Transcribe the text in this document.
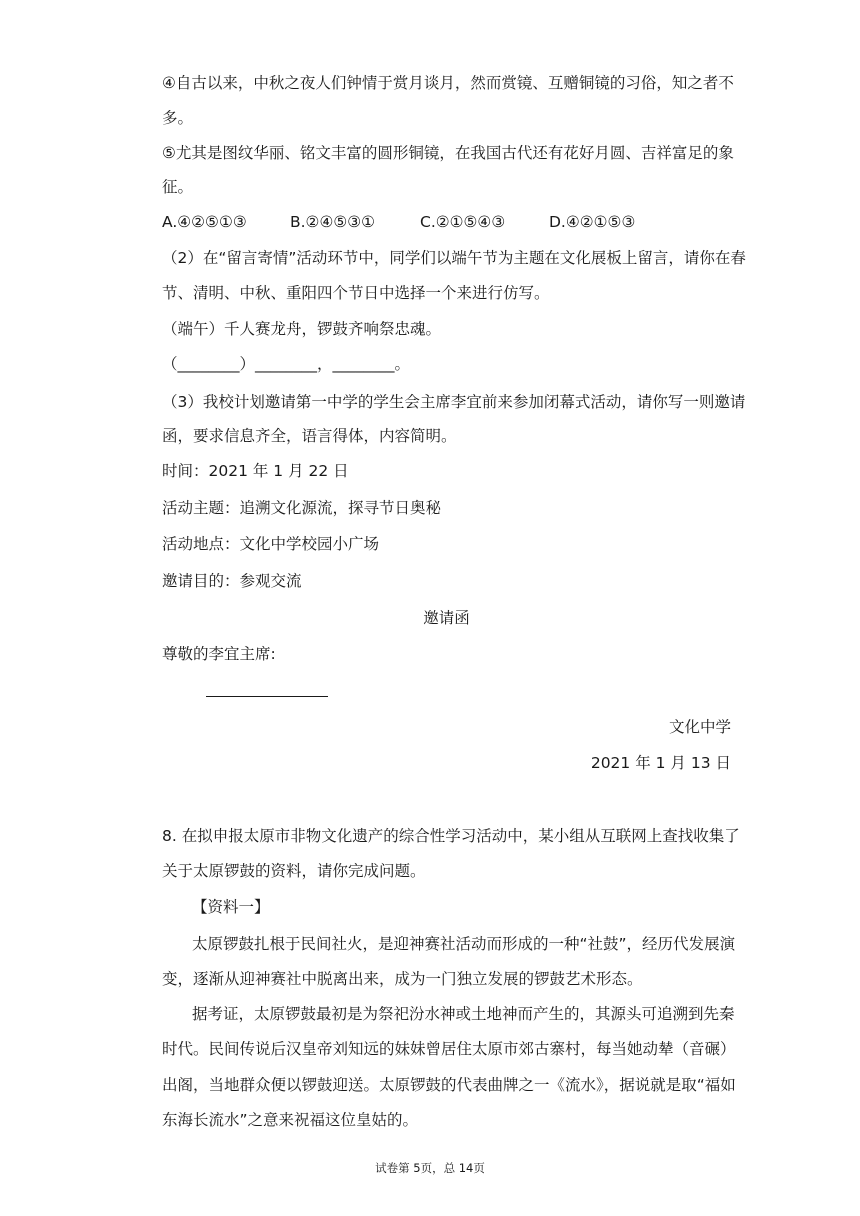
④自古以来，中秋之夜人们钟情于赏月谈月，然而赏镜、互赠铜镜的习俗，知之者不
多。
⑤尤其是图纹华丽、铭文丰富的圆形铜镜，在我国古代还有花好月圆、吉祥富足的象
征。
A.④②⑤①③	B.②④⑤③①	C.②①⑤④③	D.④②①⑤③
（2）在“留言寄情”活动环节中，同学们以端午节为主题在文化展板上留言，请你在春
节、清明、中秋、重阳四个节日中选择一个来进行仿写。
（端午）千人赛龙舟，锣鼓齐响祭忠魂。
（________）________，________。
（3）我校计划邀请第一中学的学生会主席李宜前来参加闭幕式活动，请你写一则邀请
函，要求信息齐全，语言得体，内容简明。
时间：2021 年 1 月 22 日
活动主题：追溯文化源流，探寻节日奥秘
活动地点：文化中学校园小广场
邀请目的：参观交流
邀请函
尊敬的李宜主席:
文化中学
2021 年 1 月 13 日
8. 在拟申报太原市非物文化遗产的综合性学习活动中，某小组从互联网上查找收集了
关于太原锣鼓的资料，请你完成问题。
【资料一】
太原锣鼓扎根于民间社火，是迎神赛社活动而形成的一种“社鼓”，经历代发展演
变，逐渐从迎神赛社中脱离出来，成为一门独立发展的锣鼓艺术形态。
据考证，太原锣鼓最初是为祭祀汾水神或土地神而产生的，其源头可追溯到先秦
时代。民间传说后汉皇帝刘知远的妹妹曾居住太原市郊古寨村，每当她动辇（音碾）
出阁，当地群众便以锣鼓迎送。太原锣鼓的代表曲牌之一《流水》，据说就是取“福如
东海长流水”之意来祝福这位皇姑的。
试卷第 5页，总 14页
